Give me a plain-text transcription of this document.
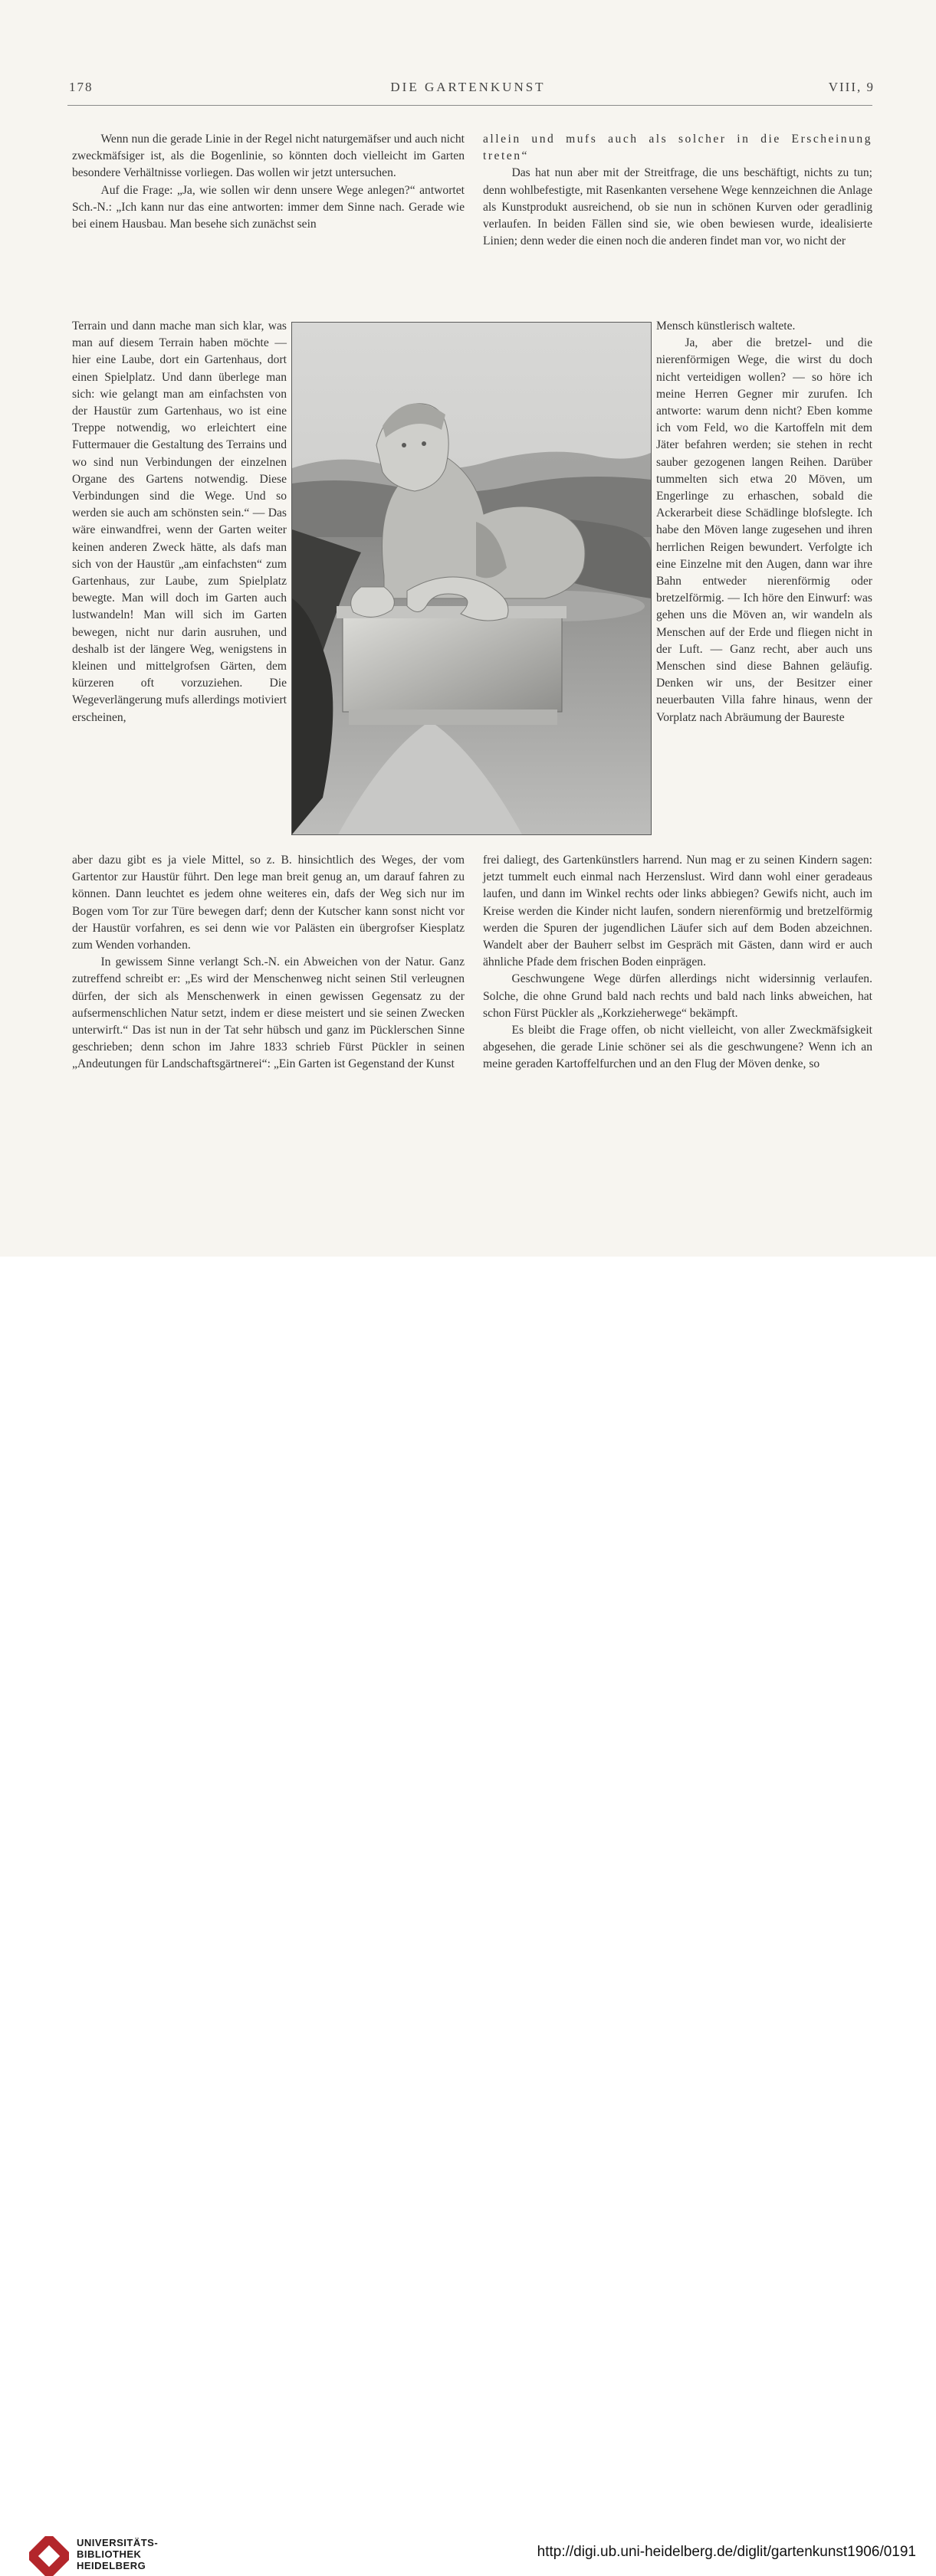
178	DIE GARTENKUNST	VIII, 9

Wenn nun die gerade Linie in der Regel nicht naturgemäfser und auch nicht zweckmäfsiger ist, als die Bogenlinie, so könnten doch vielleicht im Garten besondere Verhältnisse vorliegen. Das wollen wir jetzt untersuchen.

Auf die Frage: „Ja, wie sollen wir denn unsere Wege anlegen?“ antwortet Sch.-N.: „Ich kann nur das eine antworten: immer dem Sinne nach. Gerade wie bei einem Hausbau. Man besehe sich zunächst sein

Terrain und dann mache man sich klar, was man auf diesem Terrain haben möchte — hier eine Laube, dort ein Gartenhaus, dort einen Spielplatz. Und dann überlege man sich: wie gelangt man am einfachsten von der Haustür zum Gartenhaus, wo ist eine Treppe notwendig, wo erleichtert eine Futtermauer die Gestaltung des Terrains und wo sind nun Verbindungen der einzelnen Organe des Gartens notwendig. Diese Verbindungen sind die Wege. Und so werden sie auch am schönsten sein.“ — Das wäre einwandfrei, wenn der Garten weiter keinen anderen Zweck hätte, als dafs man sich von der Haustür „am einfachsten“ zum Gartenhaus, zur Laube, zum Spielplatz bewegte. Man will doch im Garten auch lustwandeln! Man will sich im Garten bewegen, nicht nur darin ausruhen, und deshalb ist der längere Weg, wenigstens in kleinen und mittelgrofsen Gärten, dem kürzeren oft vorzuziehen. Die Wegeverlängerung mufs allerdings motiviert erscheinen,

aber dazu gibt es ja viele Mittel, so z. B. hinsichtlich des Weges, der vom Gartentor zur Haustür führt. Den lege man breit genug an, um darauf fahren zu können. Dann leuchtet es jedem ohne weiteres ein, dafs der Weg sich nur im Bogen vom Tor zur Türe bewegen darf; denn der Kutscher kann sonst nicht vor der Haustür vorfahren, es sei denn wie vor Palästen ein übergrofser Kiesplatz zum Wenden vorhanden.

In gewissem Sinne verlangt Sch.-N. ein Abweichen von der Natur. Ganz zutreffend schreibt er: „Es wird der Menschenweg nicht seinen Stil verleugnen dürfen, der sich als Menschenwerk in einen gewissen Gegensatz zu der aufsermenschlichen Natur setzt, indem er diese meistert und sie seinen Zwecken unterwirft.“ Das ist nun in der Tat sehr hübsch und ganz im Pücklerschen Sinne geschrieben; denn schon im Jahre 1833 schrieb Fürst Pückler in seinen „Andeutungen für Landschaftsgärtnerei“: „Ein Garten ist Gegenstand der Kunst

allein und mufs auch als solcher in die Erscheinung treten“

Das hat nun aber mit der Streitfrage, die uns beschäftigt, nichts zu tun; denn wohlbefestigte, mit Rasenkanten versehene Wege kennzeichnen die Anlage als Kunstprodukt ausreichend, ob sie nun in schönen Kurven oder geradlinig verlaufen. In beiden Fällen sind sie, wie oben bewiesen wurde, idealisierte Linien; denn weder die einen noch die anderen findet man vor, wo nicht der

Mensch künstlerisch waltete.

Ja, aber die bretzel- und die nierenförmigen Wege, die wirst du doch nicht verteidigen wollen? — so höre ich meine Herren Gegner mir zurufen. Ich antworte: warum denn nicht? Eben komme ich vom Feld, wo die Kartoffeln mit dem Jäter befahren werden; sie stehen in recht sauber gezogenen langen Reihen. Darüber tummelten sich etwa 20 Möven, um Engerlinge zu erhaschen, sobald die Ackerarbeit diese Schädlinge blofslegte. Ich habe den Möven lange zugesehen und ihren herrlichen Reigen bewundert. Verfolgte ich eine Einzelne mit den Augen, dann war ihre Bahn entweder nierenförmig oder bretzelförmig. — Ich höre den Einwurf: was gehen uns die Möven an, wir wandeln als Menschen auf der Erde und fliegen nicht in der Luft. — Ganz recht, aber auch uns Menschen sind diese Bahnen geläufig. Denken wir uns, der Besitzer einer neuerbauten Villa fahre hinaus, wenn der Vorplatz nach Abräumung der Baureste

frei daliegt, des Gartenkünstlers harrend. Nun mag er zu seinen Kindern sagen: jetzt tummelt euch einmal nach Herzenslust. Wird dann wohl einer geradeaus laufen, und dann im Winkel rechts oder links abbiegen? Gewifs nicht, auch im Kreise werden die Kinder nicht laufen, sondern nierenförmig und bretzelförmig werden die Spuren der jugendlichen Läufer sich auf dem Boden abzeichnen. Wandelt aber der Bauherr selbst im Gespräch mit Gästen, dann wird er auch ähnliche Pfade dem frischen Boden einprägen.

Geschwungene Wege dürfen allerdings nicht widersinnig verlaufen. Solche, die ohne Grund bald nach rechts und bald nach links abweichen, hat schon Fürst Pückler als „Korkzieherwege“ bekämpft.

Es bleibt die Frage offen, ob nicht vielleicht, von aller Zweckmäfsigkeit abgesehen, die gerade Linie schöner sei als die geschwungene? Wenn ich an meine geraden Kartoffelfurchen und an den Flug der Möven denke, so

UNIVERSITÄTS-
BIBLIOTHEK
HEIDELBERG
http://digi.ub.uni-heidelberg.de/diglit/gartenkunst1906/0191
